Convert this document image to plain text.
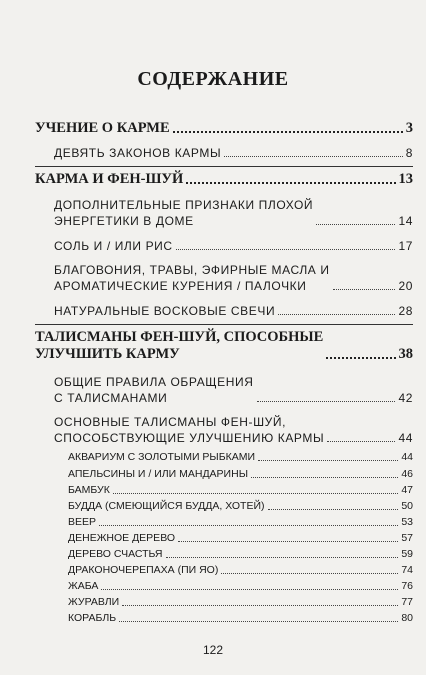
СОДЕРЖАНИЕ
УЧЕНИЕ О КАРМЕ	3
ДЕВЯТЬ ЗАКОНОВ КАРМЫ	8
КАРМА И ФЕН-ШУЙ	13
ДОПОЛНИТЕЛЬНЫЕ ПРИЗНАКИ ПЛОХОЙ
ЭНЕРГЕТИКИ В ДОМЕ	14
СОЛЬ И / ИЛИ РИС	17
БЛАГОВОНИЯ, ТРАВЫ, ЭФИРНЫЕ МАСЛА И
АРОМАТИЧЕСКИЕ КУРЕНИЯ / ПАЛОЧКИ	20
НАТУРАЛЬНЫЕ ВОСКОВЫЕ СВЕЧИ	28
ТАЛИСМАНЫ ФЕН-ШУЙ, СПОСОБНЫЕ
УЛУЧШИТЬ КАРМУ	38
ОБЩИЕ ПРАВИЛА ОБРАЩЕНИЯ
С ТАЛИСМАНАМИ	42
ОСНОВНЫЕ ТАЛИСМАНЫ ФЕН-ШУЙ,
СПОСОБСТВУЮЩИЕ УЛУЧШЕНИЮ КАРМЫ	44
АКВАРИУМ С ЗОЛОТЫМИ РЫБКАМИ	44
АПЕЛЬСИНЫ И / ИЛИ МАНДАРИНЫ	46
БАМБУК	47
БУДДА (СМЕЮЩИЙСЯ БУДДА, ХОТЕЙ)	50
ВЕЕР	53
ДЕНЕЖНОЕ ДЕРЕВО	57
ДЕРЕВО СЧАСТЬЯ	59
ДРАКОНОЧЕРЕПАХА (ПИ ЯО)	74
ЖАБА	76
ЖУРАВЛИ	77
КОРАБЛЬ	80
122
